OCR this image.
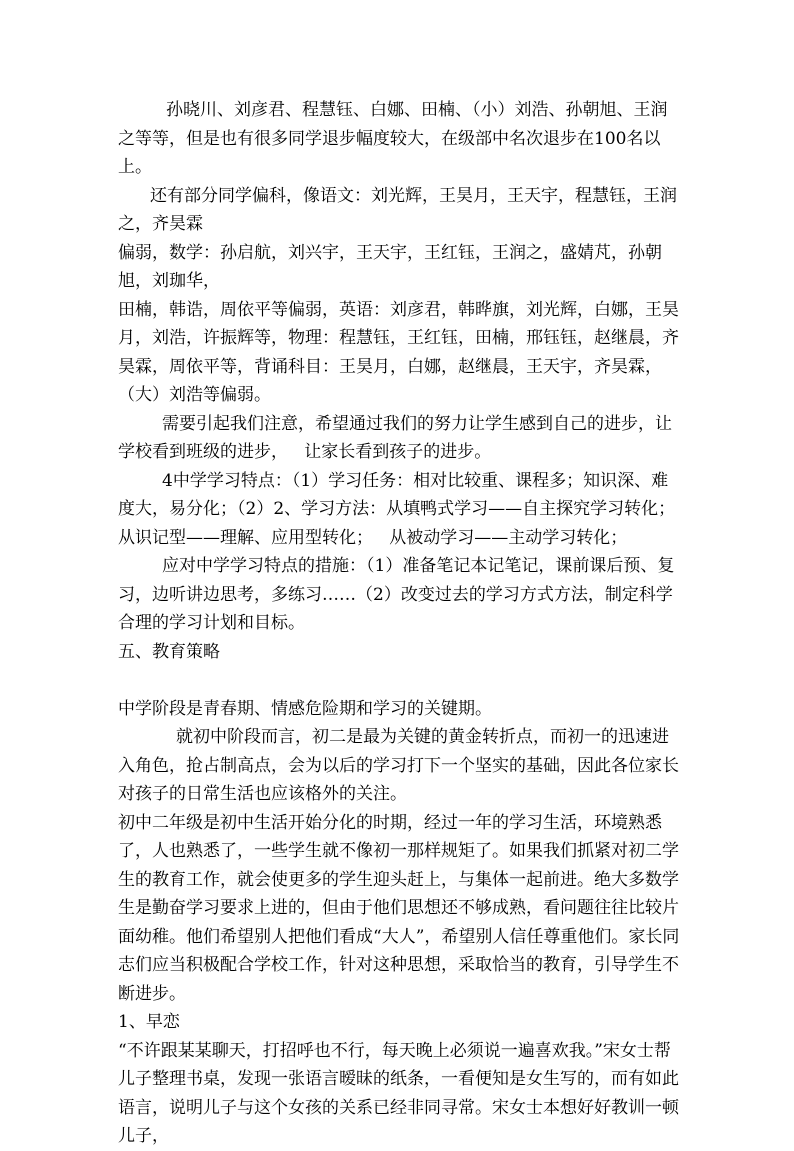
孙晓川、刘彦君、程慧钰、白娜、田楠、（小）刘浩、孙朝旭、王润之等等，但是也有很多同学退步幅度较大，在级部中名次退步在100名以上。

还有部分同学偏科，像语文：刘光辉，王昊月，王天宇，程慧钰，王润之，齐昊霖

偏弱，数学：孙启航，刘兴宇，王天宇，王红钰，王润之，盛婧芃，孙朝旭，刘珈华，

田楠，韩诰，周依平等偏弱，英语：刘彦君，韩晔旗，刘光辉，白娜，王昊月，刘浩，许振辉等，物理：程慧钰，王红钰，田楠，邢钰钰，赵继晨，齐昊霖，周依平等，背诵科目：王昊月，白娜，赵继晨，王天宇，齐昊霖，（大）刘浩等偏弱。

需要引起我们注意，希望通过我们的努力让学生感到自己的进步，让学校看到班级的进步，   让家长看到孩子的进步。

4中学学习特点：（1）学习任务：相对比较重、课程多；知识深、难度大，易分化；（2）2、学习方法：从填鸭式学习——自主探究学习转化；   从识记型——理解、应用型转化；   从被动学习——主动学习转化；

应对中学学习特点的措施：（1）准备笔记本记笔记，课前课后预、复习，边听讲边思考，多练习……（2）改变过去的学习方式方法，制定科学合理的学习计划和目标。

五、教育策略

中学阶段是青春期、情感危险期和学习的关键期。

就初中阶段而言，初二是最为关键的黄金转折点，而初一的迅速进入角色，抢占制高点，会为以后的学习打下一个坚实的基础，因此各位家长对孩子的日常生活也应该格外的关注。

初中二年级是初中生活开始分化的时期，经过一年的学习生活，环境熟悉了，人也熟悉了，一些学生就不像初一那样规矩了。如果我们抓紧对初二学生的教育工作，就会使更多的学生迎头赶上，与集体一起前进。绝大多数学生是勤奋学习要求上进的，但由于他们思想还不够成熟，看问题往往比较片面幼稚。他们希望别人把他们看成“大人”，希望别人信任尊重他们。家长同志们应当积极配合学校工作，针对这种思想，采取恰当的教育，引导学生不断进步。

1、早恋

“不许跟某某聊天，打招呼也不行，每天晚上必须说一遍喜欢我。”宋女士帮儿子整理书桌，发现一张语言暧昧的纸条，一看便知是女生写的，而有如此语言，说明儿子与这个女孩的关系已经非同寻常。宋女士本想好好教训一顿儿子，
